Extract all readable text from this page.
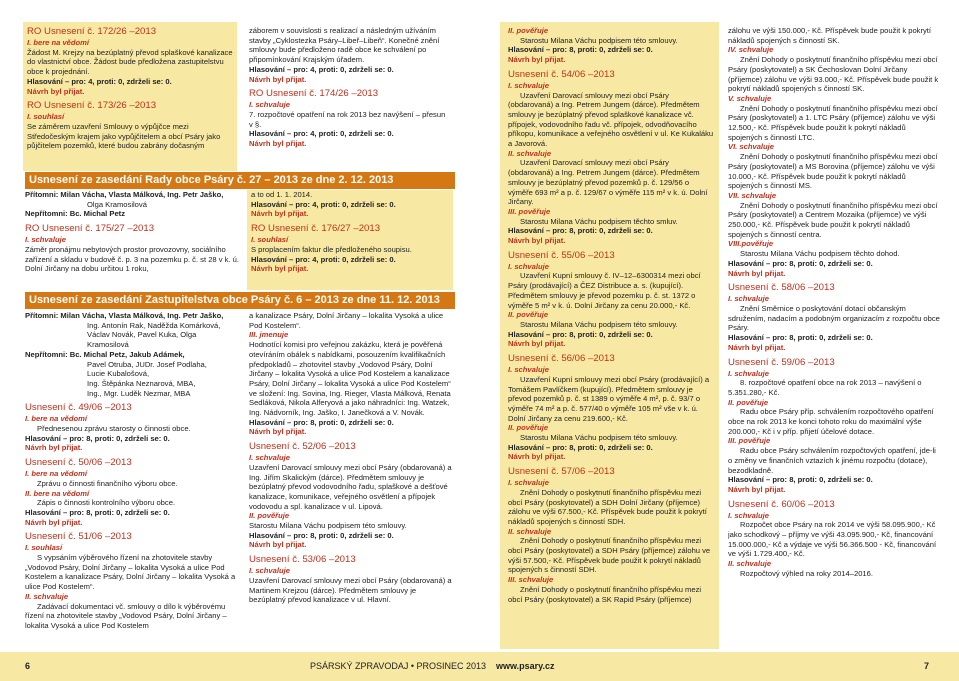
RO Usnesení č. 172/26 –2013

I. bere na vědomí

Žádost M. Krejzy na bezúplatný převod splaškové kanalizace do vlastnictví obce. Žádost bude předložena zastupitelstvu obce k projednání.

Hlasování – pro: 4, proti: 0, zdrželi se: 0.

Návrh byl přijat.

RO Usnesení č. 173/26 –2013

I. souhlasí

Se záměrem uzavření Smlouvy o výpůjčce mezi Středočeským krajem jako vypůjčitelem a obcí Psáry jako půjčitelem pozemků, které budou zabrány dočasným

záborem v souvislosti s realizací a následným užíváním stavby „Cyklostezka Psáry–Libeř–Libeň“. Konečné znění smlouvy bude předloženo radě obce ke schválení po připomínkování Krajským úřadem.

Hlasování – pro: 4, proti: 0, zdrželi se: 0.

Návrh byl přijat.

RO Usnesení č. 174/26 –2013

I. schvaluje

7. rozpočtové opatření na rok 2013 bez navýšení – přesun v §.

Hlasování – pro: 4, proti: 0, zdrželi se: 0.

Návrh byl přijat.

Usnesení ze zasedání Rady obce Psáry č. 27 – 2013 ze dne 2. 12. 2013

Přítomni: Milan Vácha, Vlasta Málková, Ing. Petr Jaško,

Olga Kramosilová

Nepřítomni: Bc. Michal Petz

RO Usnesení č. 175/27 –2013

I. schvaluje

Záměr pronájmu nebytových prostor provozovny, sociálního zařízení a skladu v budově č. p. 3 na pozemku p. č. st 28 v k. ú. Dolní Jirčany na dobu určitou 1 roku,

a to od 1. 1. 2014.

Hlasování – pro: 4, proti: 0, zdrželi se: 0.

Návrh byl přijat.

RO Usnesení č. 176/27 –2013

I. souhlasí

S proplacením faktur dle předloženého soupisu.

Hlasování – pro: 4, proti: 0, zdrželi se: 0.

Návrh byl přijat.

Usnesení ze zasedání Zastupitelstva obce Psáry č. 6 – 2013 ze dne 11. 12. 2013

Přítomni: Milan Vácha, Vlasta Málková, Ing. Petr Jaško,

Ing. Antonín Rak, Naděžda Komárková,

Václav Novák, Pavel Kuka, Olga Kramosilová

Nepřítomni: Bc. Michal Petz, Jakub Adámek,

Pavel Otruba, JUDr. Josef Podlaha,

Lucie Kubalošová,

Ing. Štěpánka Neznarová, MBA,

Ing., Mgr. Luděk Nezmar, MBA

Usnesení č. 49/06 –2013

I. bere na vědomí

Přednesenou zprávu starosty o činnosti obce.

Hlasování – pro: 8, proti: 0, zdrželi se: 0.

Návrh byl přijat.

Usnesení č. 50/06 –2013

I. bere na vědomí

Zprávu o činnosti finančního výboru obce.

II. bere na vědomí

Zápis o činnosti kontrolního výboru obce.

Hlasování – pro: 8, proti: 0, zdrželi se: 0.

Návrh byl přijat.

Usnesení č. 51/06 –2013

I. souhlasí

S vypsáním výběrového řízení na zhotovitele stavby „Vodovod Psáry, Dolní Jirčany – lokalita Vysoká a ulice Pod Kostelem a kanalizace Psáry, Dolní Jirčany – lokalita Vysoká a ulice Pod Kostelem“.

II. schvaluje

Zadávací dokumentaci vč. smlouvy o dílo k výběrovému řízení na zhotovitele stavby „Vodovod Psáry, Dolní Jirčany – lokalita Vysoká a ulice Pod Kostelem

a kanalizace Psáry, Dolní Jirčany – lokalita Vysoká a ulice Pod Kostelem“.

III. jmenuje

Hodnotící komisi pro veřejnou zakázku, která je pověřená otevíráním obálek s nabídkami, posouzením kvalifikačních předpokladů – zhotovitel stavby „Vodovod Psáry, Dolní Jirčany – lokalita Vysoká a ulice Pod Kostelem a kanalizace Psáry, Dolní Jirčany – lokalita Vysoká a ulice Pod Kostelem“ ve složení: Ing. Sovina, Ing. Rieger, Vlasta Málková, Renata Sedláková, Nikola Alferyová a jako náhradníci: Ing. Watzek, Ing. Nádvorník, Ing. Jaško, I. Janečková a V. Novák.

Hlasování – pro: 8, proti: 0, zdrželi se: 0.

Návrh byl přijat.

Usnesení č. 52/06 –2013

I. schvaluje

Uzavření Darovací smlouvy mezi obcí Psáry (obdarovaná) a Ing. Jiřím Skalickým (dárce). Předmětem smlouvy je bezúplatný převod vodovodního řadu, splaškové a dešťové kanalizace, komunikace, veřejného osvětlení a přípojek vodovodu a spl. kanalizace v ul. Lipová.

II. pověřuje

Starostu Milana Váchu podpisem této smlouvy.

Hlasování – pro: 8, proti: 0, zdrželi se: 0.

Návrh byl přijat.

Usnesení č. 53/06 –2013

I. schvaluje

Uzavření Darovací smlouvy mezi obcí Psáry (obdarovaná) a Martinem Krejzou (dárce). Předmětem smlouvy je bezúplatný převod kanalizace v ul. Hlavní.

II. pověřuje

Starostu Milana Váchu podpisem této smlouvy.

Hlasování – pro: 8, proti: 0, zdrželi se: 0.

Návrh byl přijat.

Usnesení č. 54/06 –2013

I. schvaluje

Uzavření Darovací smlouvy mezi obcí Psáry (obdarovaná) a Ing. Petrem Jungem (dárce). Předmětem smlouvy je bezúplatný převod splaškové kanalizace vč. přípojek, vodovodního řadu vč. přípojek, odvodňovacího příkopu, komunikace a veřejného osvětlení v ul. Ke Kukaláku a Javorová.

II. schvaluje

Uzavření Darovací smlouvy mezi obcí Psáry (obdarovaná) a Ing. Petrem Jungem (dárce). Předmětem smlouvy je bezúplatný převod pozemků p. č. 129/56 o výměře 693 m² a p. č. 129/67 o výměře 115 m² v k. ú. Dolní Jirčany.

III. pověřuje

Starostu Milana Váchu podpisem těchto smluv.

Hlasování – pro: 8, proti: 0, zdrželi se: 0.

Návrh byl přijat.

Usnesení č. 55/06 –2013

I. schvaluje

Uzavření Kupní smlouvy č. IV–12–6300314 mezi obcí Psáry (prodávající) a ČEZ Distribuce a. s. (kupující). Předmětem smlouvy je převod pozemku p. č. st. 1372 o výměře 5 m² v k. ú. Dolní Jirčany za cenu 20.000,- Kč.

II. pověřuje

Starostu Milana Váchu podpisem této smlouvy.

Hlasování – pro: 8, proti: 0, zdrželi se: 0.

Návrh byl přijat.

Usnesení č. 56/06 –2013

I. schvaluje

Uzavření Kupní smlouvy mezi obcí Psáry (prodávající) a Tomášem Pavlíčkem (kupující). Předmětem smlouvy je převod pozemků p. č. st 1389 o výměře 4 m², p. č. 93/7 o výměře 74 m² a p. č. 577/40 o výměře 105 m² vše v k. ú. Dolní Jirčany za cenu 219.600,- Kč.

II. pověřuje

Starostu Milana Váchu podpisem této smlouvy.

Hlasování – pro: 8, proti: 0, zdrželi se: 0.

Návrh byl přijat.

Usnesení č. 57/06 –2013

I. schvaluje

Znění Dohody o poskytnutí finančního příspěvku mezi obcí Psáry (poskytovatel) a SDH Dolní Jirčany (příjemce) zálohu ve výši 67.500,- Kč. Příspěvek bude použit k pokrytí nákladů spojených s činností SDH.

II. schvaluje

Znění Dohody o poskytnutí finančního příspěvku mezi obcí Psáry (poskytovatel) a SDH Psáry (příjemce) zálohu ve výši 57.500,- Kč. Příspěvek bude použit k pokrytí nákladů spojených s činností SDH.

III. schvaluje

Znění Dohody o poskytnutí finančního příspěvku mezi obcí Psáry (poskytovatel) a SK Rapid Psáry (příjemce)

zálohu ve výši 150.000,- Kč. Příspěvek bude použit k pokrytí nákladů spojených s činností SK.

IV. schvaluje

Znění Dohody o poskytnutí finančního příspěvku mezi obcí Psáry (poskytovatel) a SK Čechoslovan Dolní Jirčany (příjemce) zálohu ve výši 93.000,- Kč. Příspěvek bude použit k pokrytí nákladů spojených s činností SK.

V. schvaluje

Znění Dohody o poskytnutí finančního příspěvku mezi obcí Psáry (poskytovatel) a 1. LTC Psáry (příjemce) zálohu ve výši 12.500,- Kč. Příspěvek bude použit k pokrytí nákladů spojených s činností LTC.

VI. schvaluje

Znění Dohody o poskytnutí finančního příspěvku mezi obcí Psáry (poskytovatel) a MS Borovina (příjemce) zálohu ve výši 10.000,- Kč. Příspěvek bude použit k pokrytí nákladů spojených s činností MS.

VII. schvaluje

Znění Dohody o poskytnutí finančního příspěvku mezi obcí Psáry (poskytovatel) a Centrem Mozaika (příjemce) ve výši 250.000,- Kč. Příspěvek bude použit k pokrytí nákladů spojených s činností centra.

VIII.pověřuje

Starostu Milana Váchu podpisem těchto dohod.

Hlasování – pro: 8, proti: 0, zdrželi se: 0.

Návrh byl přijat.

Usnesení č. 58/06 –2013

I. schvaluje

Znění Směrnice o poskytování dotací občanským sdružením, nadacím a podobným organizacím z rozpočtu obce Psáry.

Hlasování – pro: 8, proti: 0, zdrželi se: 0.

Návrh byl přijat.

Usnesení č. 59/06 –2013

I. schvaluje

8. rozpočtové opatření obce na rok 2013 – navýšení o 5.351.280,- Kč.

II. pověřuje

Radu obce Psáry příp. schválením rozpočtového opatření obce na rok 2013 ke konci tohoto roku do maximální výše 200.000,- Kč i v příp. přijetí účelové dotace.

III. pověřuje

Radu obce Psáry schválením rozpočtových opatření, jde-li o změny ve finančních vztazích k jinému rozpočtu (dotace), bezodkladně.

Hlasování – pro: 8, proti: 0, zdrželi se: 0.

Návrh byl přijat.

Usnesení č. 60/06 –2013

I. schvaluje

Rozpočet obce Psáry na rok 2014 ve výši 58.095.900,- Kč jako schodkový – příjmy ve výši 43.095.900,- Kč, financování 15.000.000,- Kč a výdaje ve výši 56.366.500 - Kč, financování ve výši 1.729.400,- Kč.

II. schvaluje

Rozpočtový výhled na roky 2014–2016.

6	PSÁRSKÝ ZPRAVODAJ • PROSINEC 2013 www.psary.cz	7
